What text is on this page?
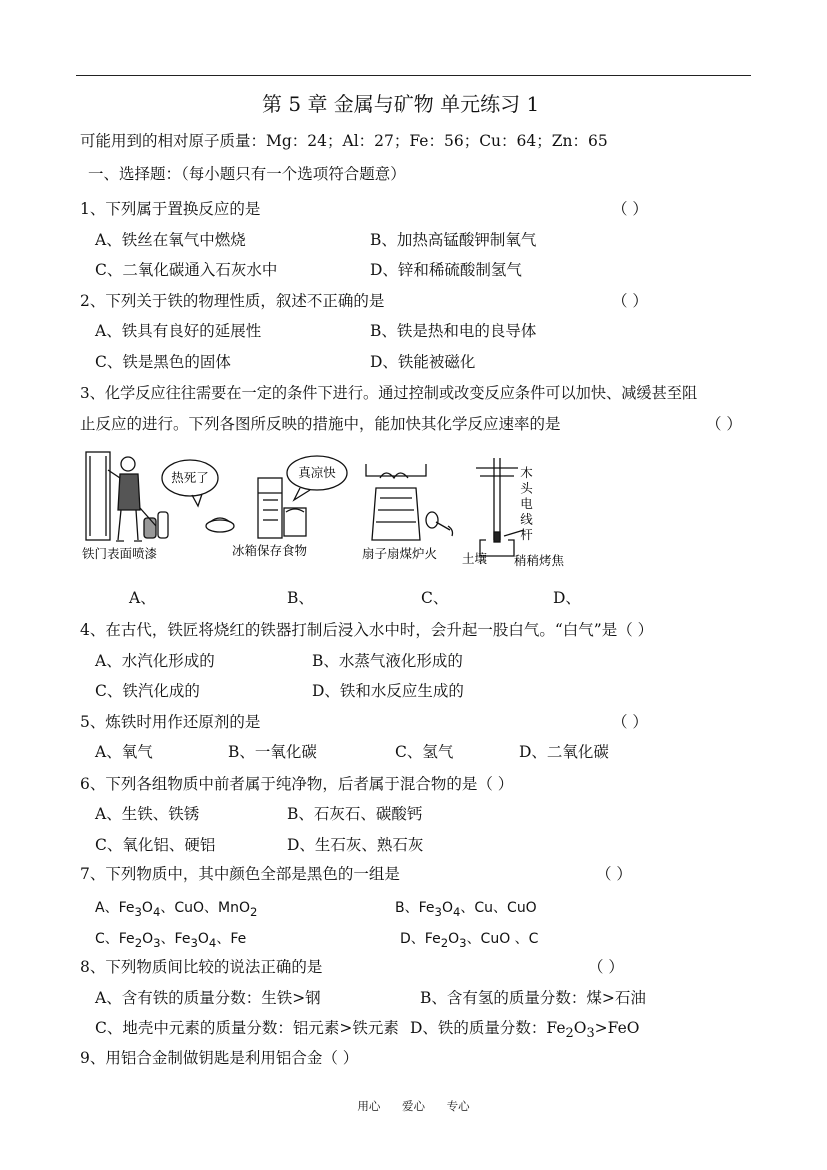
第 5 章 金属与矿物 单元练习 1
可能用到的相对原子质量：Mg：24；Al：27；Fe：56；Cu：64；Zn：65
一、选择题：（每小题只有一个选项符合题意）
1、下列属于置换反应的是	（ ）
A、铁丝在氧气中燃烧	B、加热高锰酸钾制氧气
C、二氧化碳通入石灰水中	D、锌和稀硫酸制氢气
2、下列关于铁的物理性质，叙述不正确的是	（ ）
A、铁具有良好的延展性	B、铁是热和电的良导体
C、铁是黑色的固体	D、铁能被磁化
3、化学反应往往需要在一定的条件下进行。通过控制或改变反应条件可以加快、减缓甚至阻
止反应的进行。下列各图所反映的措施中，能加快其化学反应速率的是	（ ）
热死了	真凉快
铁门表面喷漆	冰箱保存食物	扇子扇煤炉火 土壤 稍稍烤焦
木头电线杆
A、	B、	C、	D、
4、在古代，铁匠将烧红的铁器打制后浸入水中时，会升起一股白气。“白气”是（ ）
A、水汽化形成的	B、水蒸气液化形成的
C、铁汽化成的	D、铁和水反应生成的
5、炼铁时用作还原剂的是	（ ）
A、氧气	B、一氧化碳	C、氢气	D、二氧化碳
6、下列各组物质中前者属于纯净物，后者属于混合物的是（ ）
A、生铁、铁锈	B、石灰石、碳酸钙
C、氧化铝、硬铝	D、生石灰、熟石灰
7、下列物质中，其中颜色全部是黑色的一组是	（ ）
A、$Fe_3O_4$、CuO、MnO$_2$	B、$Fe_3O_4$、Cu、CuO
C、$Fe_2O_3$、$Fe_3O_4$、Fe	D、$Fe_2O_3$、CuO 、C
8、下列物质间比较的说法正确的是	（ ）
A、含有铁的质量分数：生铁>钢	B、含有氢的质量分数：煤>石油
C、地壳中元素的质量分数：铝元素>铁元素 D、铁的质量分数：$Fe_2O_3>FeO$
9、用铝合金制做钥匙是利用铝合金（ ）
用心 爱心 专心
